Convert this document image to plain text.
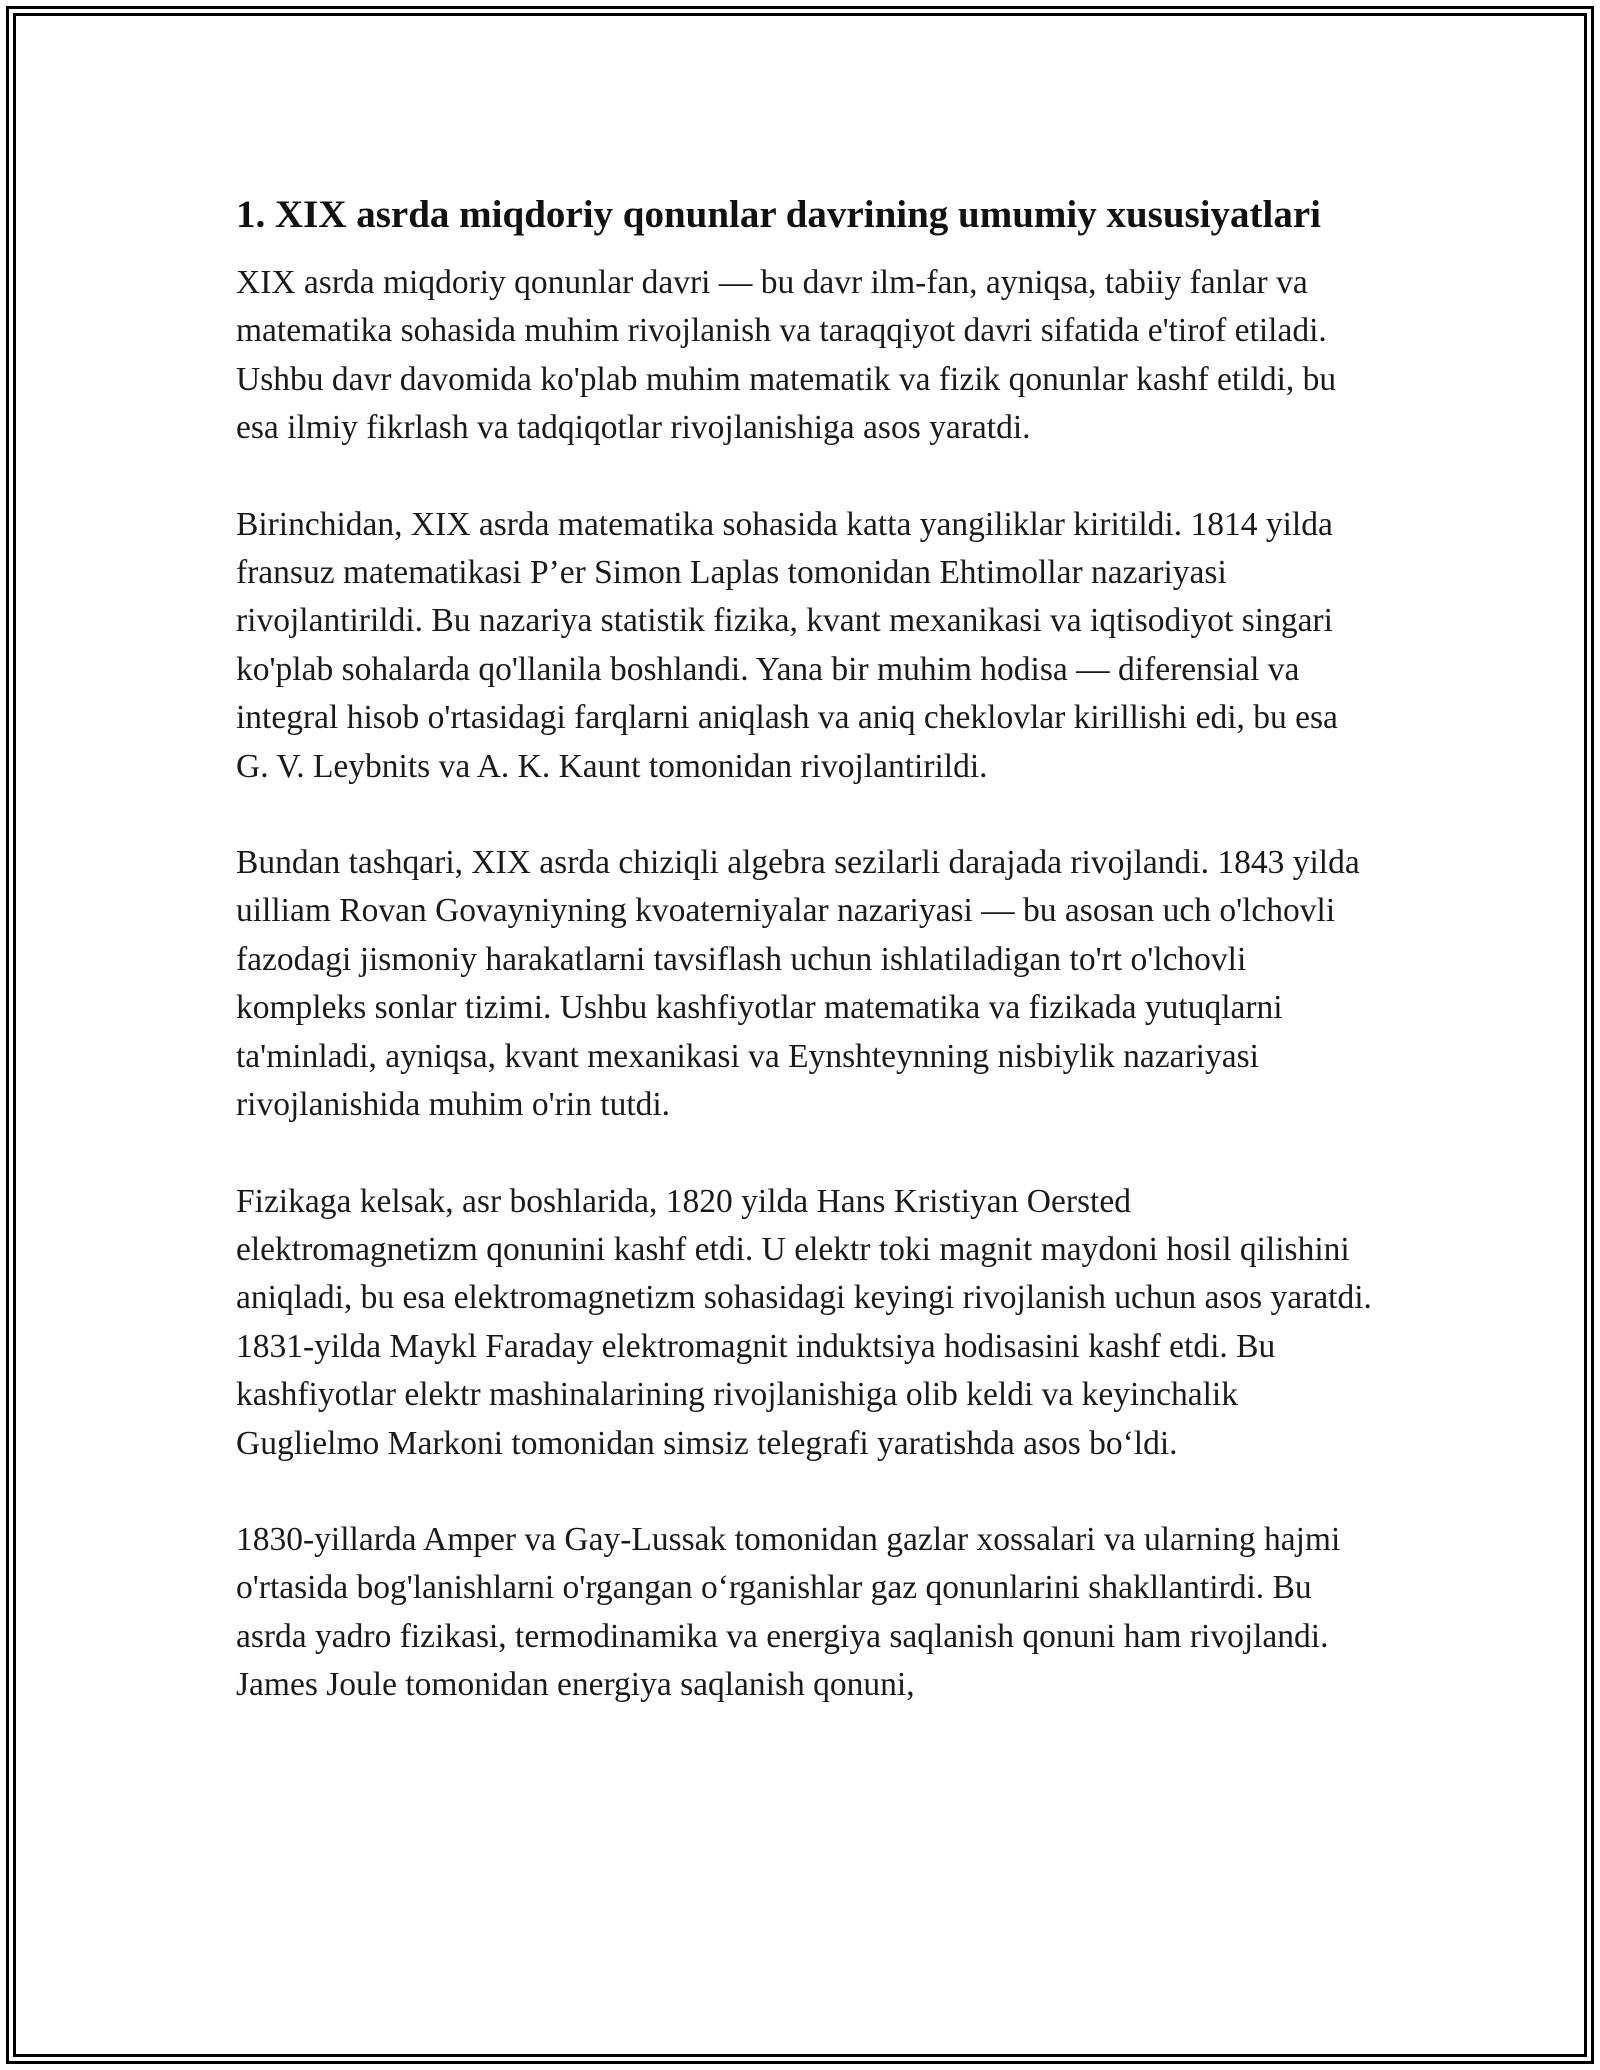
1. XIX asrda miqdoriy qonunlar davrining umumiy xususiyatlari

XIX asrda miqdoriy qonunlar davri — bu davr ilm-fan, ayniqsa, tabiiy fanlar va matematika sohasida muhim rivojlanish va taraqqiyot davri sifatida e'tirof etiladi. Ushbu davr davomida ko'plab muhim matematik va fizik qonunlar kashf etildi, bu esa ilmiy fikrlash va tadqiqotlar rivojlanishiga asos yaratdi.

Birinchidan, XIX asrda matematika sohasida katta yangiliklar kiritildi. 1814 yilda fransuz matematikasi P’er Simon Laplas tomonidan Ehtimollar nazariyasi rivojlantirildi. Bu nazariya statistik fizika, kvant mexanikasi va iqtisodiyot singari ko'plab sohalarda qo'llanila boshlandi. Yana bir muhim hodisa — diferensial va integral hisob o'rtasidagi farqlarni aniqlash va aniq cheklovlar kirillishi edi, bu esa G. V. Leybnits va A. K. Kaunt tomonidan rivojlantirildi.

Bundan tashqari, XIX asrda chiziqli algebra sezilarli darajada rivojlandi. 1843 yilda uilliam Rovan Govayniyning kvoaterniyalar nazariyasi — bu asosan uch o'lchovli fazodagi jismoniy harakatlarni tavsiflash uchun ishlatiladigan to'rt o'lchovli kompleks sonlar tizimi. Ushbu kashfiyotlar matematika va fizikada yutuqlarni ta'minladi, ayniqsa, kvant mexanikasi va Eynshteynning nisbiylik nazariyasi rivojlanishida muhim o'rin tutdi.

Fizikaga kelsak, asr boshlarida, 1820 yilda Hans Kristiyan Oersted elektromagnetizm qonunini kashf etdi. U elektr toki magnit maydoni hosil qilishini aniqladi, bu esa elektromagnetizm sohasidagi keyingi rivojlanish uchun asos yaratdi. 1831-yilda Maykl Faraday elektromagnit induktsiya hodisasini kashf etdi. Bu kashfiyotlar elektr mashinalarining rivojlanishiga olib keldi va keyinchalik Guglielmo Markoni tomonidan simsiz telegrafi yaratishda asos bo‘ldi.

1830-yillarda Amper va Gay-Lussak tomonidan gazlar xossalari va ularning hajmi o'rtasida bog'lanishlarni o'rgangan o‘rganishlar gaz qonunlarini shakllantirdi. Bu asrda yadro fizikasi, termodinamika va energiya saqlanish qonuni ham rivojlandi. James Joule tomonidan energiya saqlanish qonuni,
